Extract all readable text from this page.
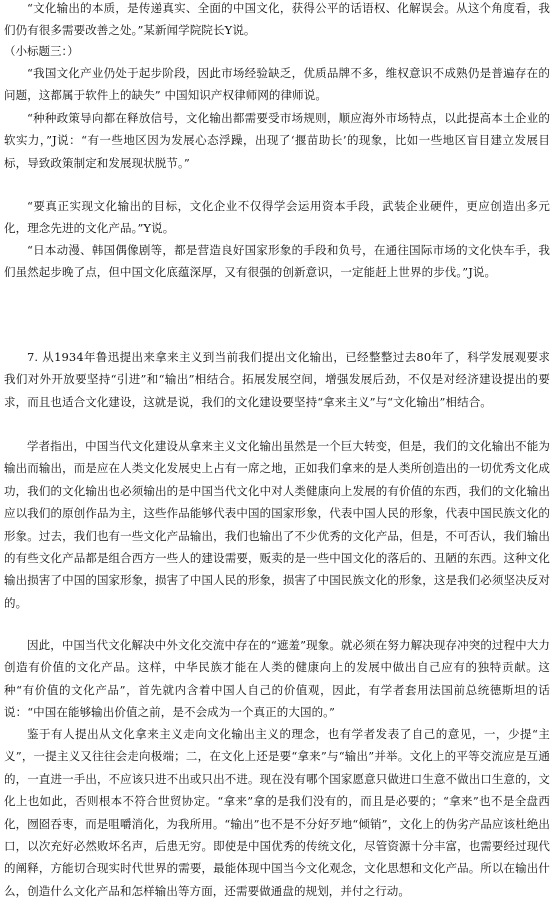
“文化输出的本质，是传递真实、全面的中国文化，获得公平的话语权、化解误会。从这个角度看，我们仍有很多需要改善之处。”某新闻学院院长Y说。

（小标题三：）

“我国文化产业仍处于起步阶段，因此市场经验缺乏，优质品牌不多，维权意识不成熟仍是普遍存在的问题，这都属于软件上的缺失” 中国知识产权律师网的律师说。

“种种政策导向都在释放信号，文化输出都需要受市场规则，顺应海外市场特点，以此提高本土企业的软实力，”J说：“有一些地区因为发展心态浮躁，出现了‘揠苗助长’的现象，比如一些地区盲目建立发展目标，导致政策制定和发展现状脱节。”

“要真正实现文化输出的目标，文化企业不仅得学会运用资本手段，武装企业硬件，更应创造出多元化，理念先进的文化产品。”Y说。

“日本动漫、韩国偶像剧等，都是营造良好国家形象的手段和负号，在通往国际市场的文化快车手，我们虽然起步晚了点，但中国文化底蕴深厚，又有很强的创新意识，一定能赶上世界的步伐。”J说。

7. 从1934年鲁迅提出来拿来主义到当前我们提出文化输出，已经整整过去80年了，科学发展观要求我们对外开放要坚持“引进”和“输出”相结合。拓展发展空间，增强发展后劲，不仅是对经济建设提出的要求，而且也适合文化建设，这就是说，我们的文化建设要坚持“拿来主义”与“文化输出”相结合。

学者指出，中国当代文化建设从拿来主义文化输出虽然是一个巨大转变，但是，我们的文化输出不能为输出而输出，而是应在人类文化发展史上占有一席之地，正如我们拿来的是人类所创造出的一切优秀文化成功，我们的文化输出也必须输出的是中国当代文化中对人类健康向上发展的有价值的东西，我们的文化输出应以我们的原创作品为主，这些作品能够代表中国的国家形象，代表中国人民的形象，代表中国民族文化的形象。过去，我们也有一些文化产品输出，我们也输出了不少优秀的文化产品，但是，不可否认，我们输出的有些文化产品都是组合西方一些人的建设需要，贩卖的是一些中国文化的落后的、丑陋的东西。这种文化输出损害了中国的国家形象，损害了中国人民的形象，损害了中国民族文化的形象，这是我们必须坚决反对的。

因此，中国当代文化解决中外文化交流中存在的“遮羞”现象。就必须在努力解决现存冲突的过程中大力创造有价值的文化产品。这样，中华民族才能在人类的健康向上的发展中做出自己应有的独特贡献。这种“有价值的文化产品”，首先就内含着中国人自己的价值观，因此，有学者套用法国前总统德斯坦的话说：“中国在能够输出价值之前，是不会成为一个真正的大国的。”

鉴于有人提出从文化拿来主义走向文化输出主义的理念，也有学者发表了自己的意见，一，少提“主义”，一提主义又往往会走向极端；二，在文化上还是要“拿来”与“输出”并举。文化上的平等交流应是互通的，一直进一手出，不应该只进不出或只出不进。现在没有哪个国家愿意只做进口生意不做出口生意的，文化上也如此，否则根本不符合世贸协定。“拿来”拿的是我们没有的，而且是必要的；“拿来”也不是全盘西化，囫囵吞枣，而是咀嚼消化，为我所用。“输出”也不是不分好歹地“倾销”，文化上的伪劣产品应该杜绝出口，以次充好必然败坏名声，后患无穷。即使是中国优秀的传统文化，尽管资源十分丰富，也需要经过现代的阐释，方能切合现实时代世界的需要，最能体现中国当今文化观念，文化思想和文化产品。所以在输出什么，创造什么文化产品和怎样输出等方面，还需要做通盘的规划，并付之行动。
